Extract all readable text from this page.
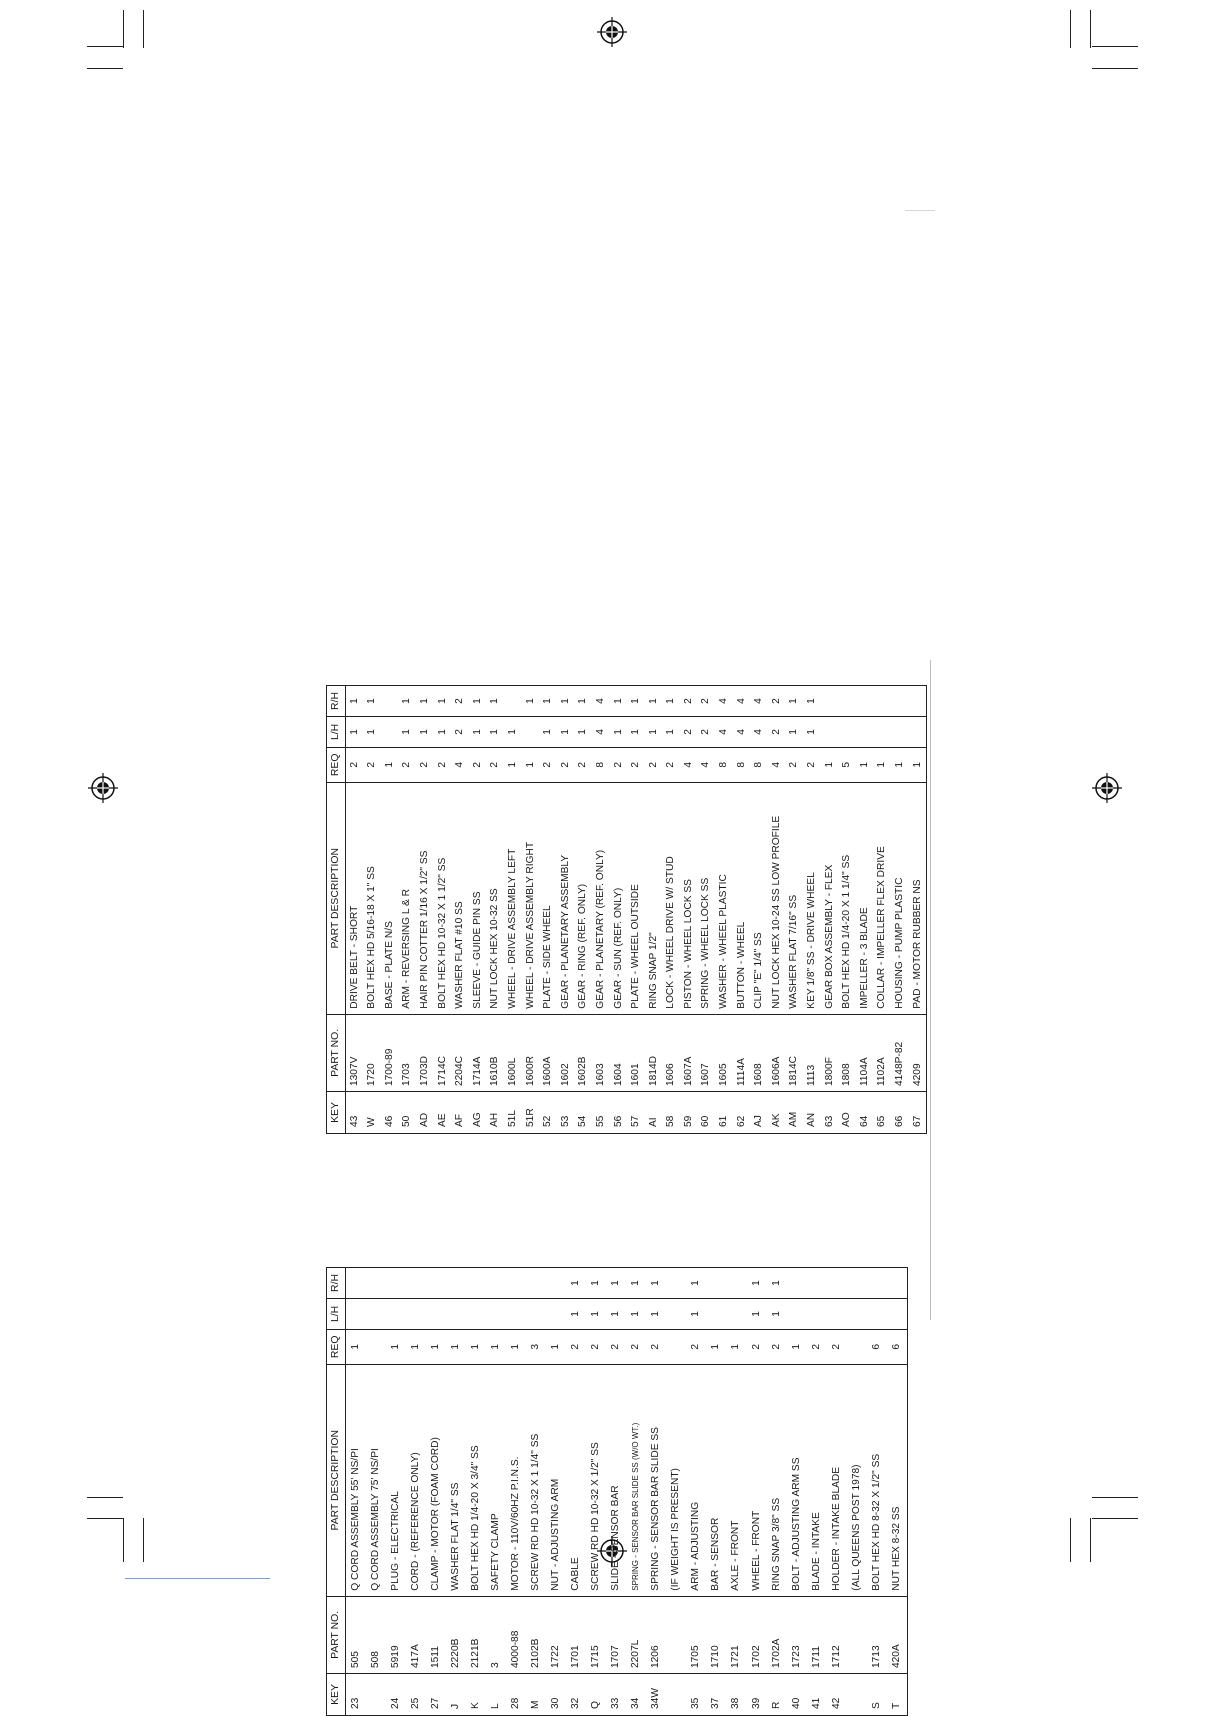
KEY	PART NO.	PART DESCRIPTION	REQ	L/H	R/H
43	1307V	DRIVE BELT - SHORT	2	1	1
W	1720	BOLT HEX HD 5/16-18 X 1" SS	2	1	1
46	1700-89	BASE - PLATE N/S	1		
50	1703	ARM - REVERSING L & R	2	1	1
AD	1703D	HAIR PIN COTTER 1/16 X 1/2" SS	2	1	1
AE	1714C	BOLT HEX HD 10-32 X 1 1/2" SS	2	1	1
AF	2204C	WASHER FLAT #10 SS	4	2	2
AG	1714A	SLEEVE - GUIDE PIN SS	2	1	1
AH	1610B	NUT LOCK HEX 10-32 SS	2	1	1
51L	1600L	WHEEL - DRIVE ASSEMBLY LEFT	1	1	
51R	1600R	WHEEL - DRIVE ASSEMBLY RIGHT	1		1
52	1600A	PLATE - SIDE WHEEL	2	1	1
53	1602	GEAR - PLANETARY ASSEMBLY	2	1	1
54	1602B	GEAR - RING (REF. ONLY)	2	1	1
55	1603	GEAR - PLANETARY (REF. ONLY)	8	4	4
56	1604	GEAR - SUN (REF. ONLY)	2	1	1
57	1601	PLATE - WHEEL OUTSIDE	2	1	1
AI	1814D	RING SNAP 1/2"	2	1	1
58	1606	LOCK - WHEEL DRIVE W/ STUD	2	1	1
59	1607A	PISTON - WHEEL LOCK SS	4	2	2
60	1607	SPRING - WHEEL LOCK SS	4	2	2
61	1605	WASHER - WHEEL PLASTIC	8	4	4
62	1114A	BUTTON - WHEEL	8	4	4
AJ	1608	CLIP "E" 1/4" SS	8	4	4
AK	1606A	NUT LOCK HEX 10-24 SS LOW PROFILE	4	2	2
AM	1814C	WASHER FLAT 7/16" SS	2	1	1
AN	1113	KEY 1/8" SS - DRIVE WHEEL	2	1	1
63	1800F	GEAR BOX ASSEMBLY - FLEX	1		
AO	1808	BOLT HEX HD 1/4-20 X 1 1/4" SS	5		
64	1104A	IMPELLER - 3 BLADE	1		
65	1102A	COLLAR - IMPELLER FLEX DRIVE	1		
66	4148P-82	HOUSING - PUMP PLASTIC	1		
67	4209	PAD - MOTOR RUBBER NS	1		
KEY	PART NO.	PART DESCRIPTION	REQ	L/H	R/H
23	505	Q CORD ASSEMBLY 55' NS/PI	1		
	508	Q CORD ASSEMBLY 75' NS/PI			
24	5919	PLUG - ELECTRICAL	1		
25	417A	CORD - (REFERENCE ONLY)	1		
27	1511	CLAMP - MOTOR (FOAM CORD)	1		
J	2220B	WASHER FLAT 1/4" SS	1		
K	2121B	BOLT HEX HD 1/4-20 X 3/4" SS	1		
L	3	SAFETY CLAMP	1		
28	4000-88	MOTOR - 110V/60HZ P.I.N.S.	1		
M	2102B	SCREW RD HD 10-32 X 1 1/4" SS	3		
30	1722	NUT - ADJUSTING ARM	1		
32	1701	CABLE	2	1	1
Q	1715	SCREW RD HD 10-32 X 1/2" SS	2	1	1
33	1707	SLIDE - SENSOR BAR	2	1	1
34	2207L	SPRING - SENSOR BAR SLIDE SS (W/O WT.)	2	1	1
34W	1206	SPRING - SENSOR BAR SLIDE SS	2	1	1
		(IF WEIGHT IS PRESENT)			
35	1705	ARM - ADJUSTING	2	1	1
37	1710	BAR - SENSOR	1		
38	1721	AXLE - FRONT	1		
39	1702	WHEEL - FRONT	2	1	1
R	1702A	RING SNAP 3/8" SS	2	1	1
40	1723	BOLT - ADJUSTING ARM SS	1		
41	1711	BLADE - INTAKE	2		
42	1712	HOLDER - INTAKE BLADE	2		
		(ALL QUEENS POST 1978)			
S	1713	BOLT HEX HD 8-32 X 1/2" SS	6		
T	420A	NUT HEX 8-32 SS	6		
